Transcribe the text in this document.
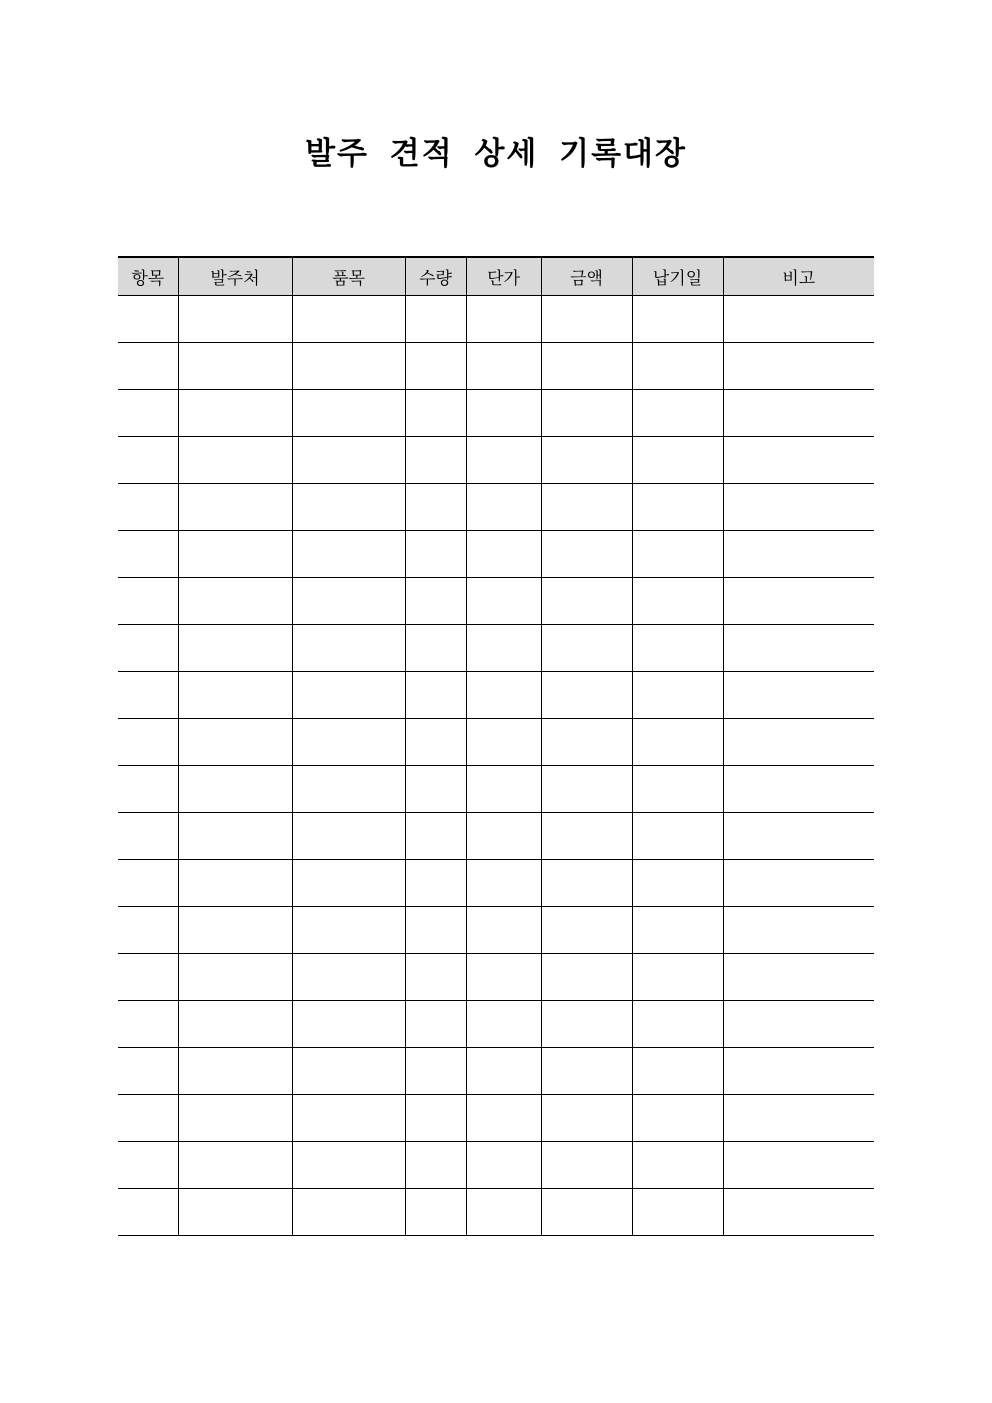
발주 견적 상세 기록대장
항목	발주처	품목	수량	단가	금액	납기일	비고
